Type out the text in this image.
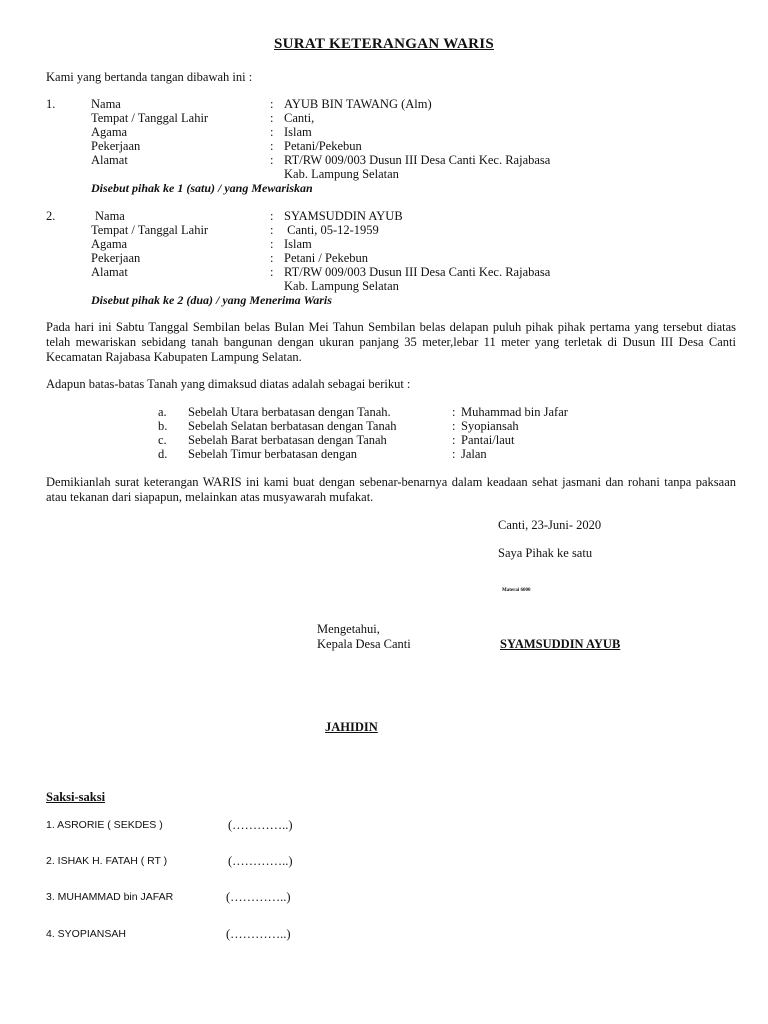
SURAT KETERANGAN WARIS
Kami yang bertanda tangan dibawah ini :
1.	Nama	: AYUB BIN TAWANG (Alm)
Tempat / Tanggal Lahir	: Canti,
Agama	: Islam
Pekerjaan	: Petani/Pekebun
Alamat	: RT/RW 009/003 Dusun III Desa Canti Kec. Rajabasa
Kab. Lampung Selatan
Disebut pihak ke 1 (satu) / yang Mewariskan
2.	Nama	: SYAMSUDDIN AYUB
Tempat / Tanggal Lahir	: Canti, 05-12-1959
Agama	: Islam
Pekerjaan	: Petani / Pekebun
Alamat	: RT/RW 009/003 Dusun III Desa Canti Kec. Rajabasa
Kab. Lampung Selatan
Disebut pihak ke 2 (dua) / yang Menerima Waris
Pada hari ini Sabtu Tanggal Sembilan belas Bulan Mei Tahun Sembilan belas delapan puluh pihak pihak pertama yang tersebut diatas telah mewariskan sebidang tanah bangunan dengan ukuran panjang 35 meter,lebar 11 meter yang terletak di Dusun III Desa Canti Kecamatan Rajabasa Kabupaten Lampung Selatan.
Adapun batas-batas Tanah yang dimaksud diatas adalah sebagai berikut :
a. Sebelah Utara berbatasan dengan Tanah.	: Muhammad bin Jafar
b. Sebelah Selatan berbatasan dengan Tanah	: Syopiansah
c. Sebelah Barat berbatasan dengan Tanah	: Pantai/laut
d. Sebelah Timur berbatasan dengan	: Jalan
Demikianlah surat keterangan WARIS ini kami buat dengan sebenar-benarnya dalam keadaan sehat jasmani dan rohani tanpa paksaan atau tekanan dari siapapun, melainkan atas musyawarah mufakat.
Canti, 23-Juni- 2020
Saya Pihak ke satu
Materai 6000
Mengetahui,
Kepala Desa Canti	SYAMSUDDIN AYUB
JAHIDIN
Saksi-saksi
1. ASRORIE ( SEKDES )	(…………..)
2. ISHAK H. FATAH ( RT )	(…………..)
3. MUHAMMAD bin JAFAR	(…………..)
4. SYOPIANSAH	(…………..)
